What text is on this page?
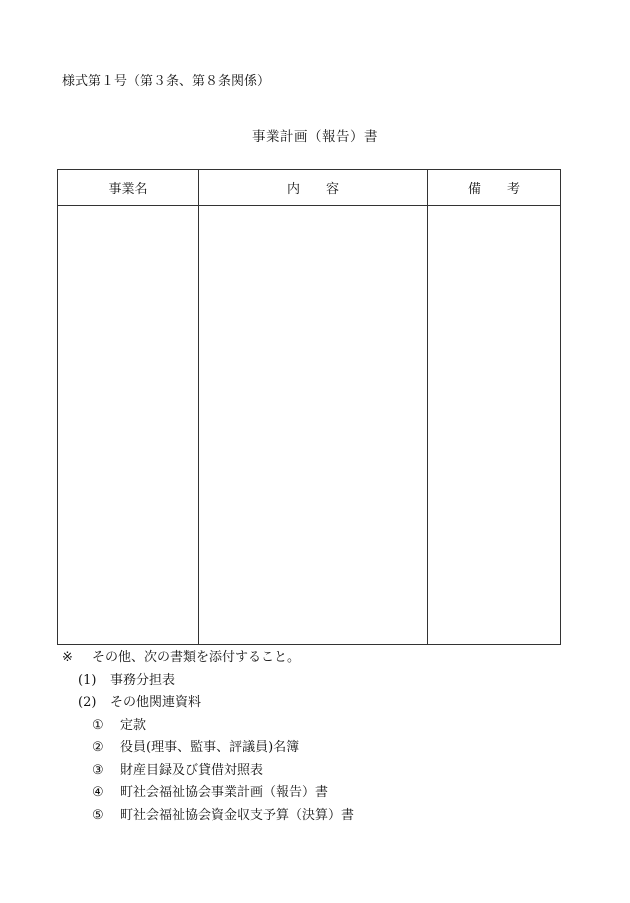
様式第１号（第３条、第８条関係）
事業計画（報告）書
事業名	内　　容	備　　考

※ その他、次の書類を添付すること。
(1) 事務分担表
(2) その他関連資料
① 定款
② 役員(理事、監事、評議員)名簿
③ 財産目録及び貸借対照表
④ 町社会福祉協会事業計画（報告）書
⑤ 町社会福祉協会資金収支予算（決算）書
